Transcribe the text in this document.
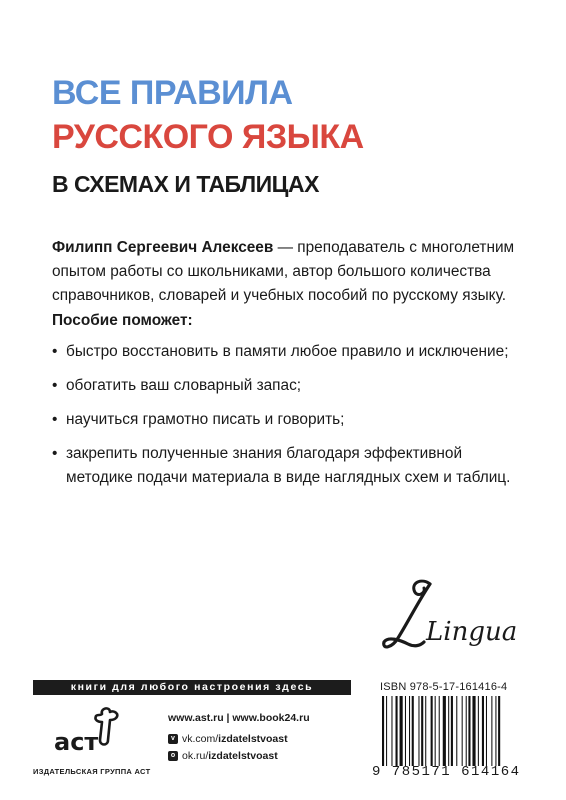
ВСЕ ПРАВИЛА
РУССКОГО ЯЗЫКА
В СХЕМАХ И ТАБЛИЦАХ
Филипп Сергеевич Алексеев — преподаватель с многолетним опытом работы со школьниками, автор большого количества справочников, словарей и учебных пособий по русскому языку.
Пособие поможет:
• быстро восстановить в памяти любое правило и исключение;
• обогатить ваш словарный запас;
• научиться грамотно писать и говорить;
• закрепить полученные знания благодаря эффективной методике подачи материала в виде наглядных схем и таблиц.
Lingua
книги для любого настроения здесь
аст
ИЗДАТЕЛЬСКАЯ ГРУППА АСТ
www.ast.ru | www.book24.ru
v vk.com/ izdatelstvoast
o ok.ru/ izdatelstvoast
ISBN 978-5-17-161416-4
9 785171 614164
